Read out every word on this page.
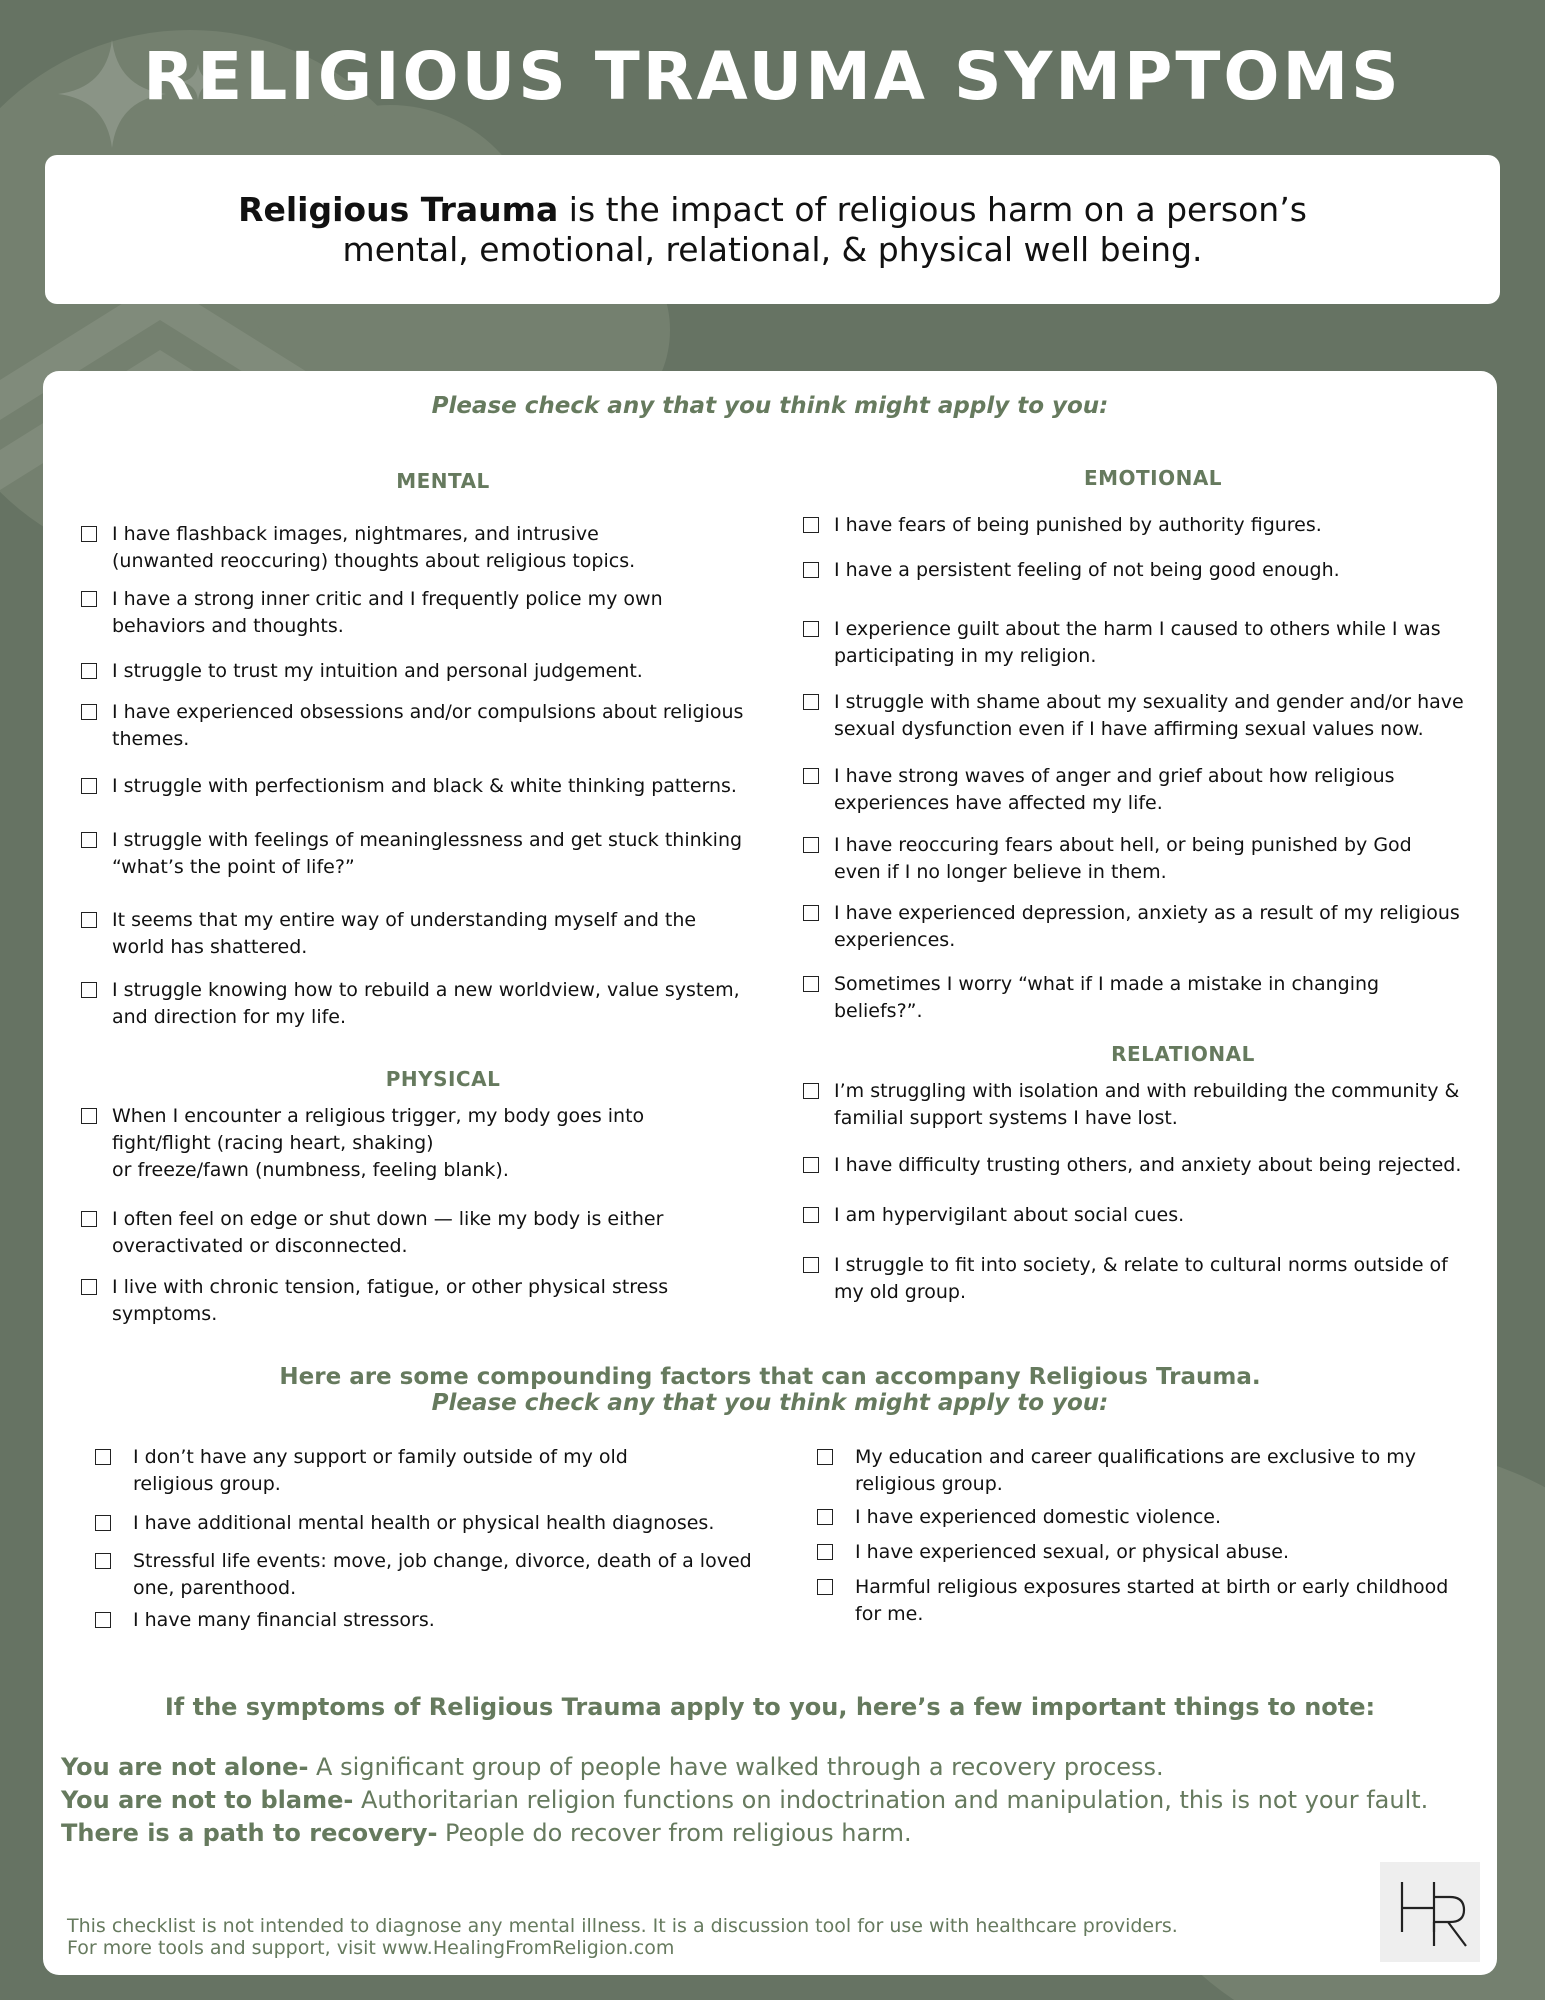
RELIGIOUS TRAUMA SYMPTOMS

Religious Trauma is the impact of religious harm on a person’s

mental, emotional, relational, & physical well being.

Please check any that you think might apply to you:

MENTAL

I have flashback images, nightmares, and intrusive
(unwanted reoccuring) thoughts about religious topics.
I have a strong inner critic and I frequently police my own
behaviors and thoughts.
I struggle to trust my intuition and personal judgement.
I have experienced obsessions and/or compulsions about religious
themes.
I struggle with perfectionism and black & white thinking patterns.
I struggle with feelings of meaninglessness and get stuck thinking
“what’s the point of life?”
It seems that my entire way of understanding myself and the
world has shattered.
I struggle knowing how to rebuild a new worldview, value system,
and direction for my life.

PHYSICAL

When I encounter a religious trigger, my body goes into
fight/flight (racing heart, shaking)
or freeze/fawn (numbness, feeling blank).
I often feel on edge or shut down — like my body is either
overactivated or disconnected.
I live with chronic tension, fatigue, or other physical stress
symptoms.

EMOTIONAL

I have fears of being punished by authority figures.
I have a persistent feeling of not being good enough.
I experience guilt about the harm I caused to others while I was
participating in my religion.
I struggle with shame about my sexuality and gender and/or have
sexual dysfunction even if I have affirming sexual values now.
I have strong waves of anger and grief about how religious
experiences have affected my life.
I have reoccuring fears about hell, or being punished by God
even if I no longer believe in them.
I have experienced depression, anxiety as a result of my religious
experiences.
Sometimes I worry “what if I made a mistake in changing
beliefs?”.

RELATIONAL

I’m struggling with isolation and with rebuilding the community &
familial support systems I have lost.
I have difficulty trusting others, and anxiety about being rejected.
I am hypervigilant about social cues.
I struggle to fit into society, & relate to cultural norms outside of
my old group.
Here are some compounding factors that can accompany Religious Trauma.
Please check any that you think might apply to you:
I don’t have any support or family outside of my old
religious group.
I have additional mental health or physical health diagnoses.
Stressful life events: move, job change, divorce, death of a loved
one, parenthood.
I have many financial stressors.
My education and career qualifications are exclusive to my
religious group.
I have experienced domestic violence.
I have experienced sexual, or physical abuse.
Harmful religious exposures started at birth or early childhood
for me.

If the symptoms of Religious Trauma apply to you, here’s a few important things to note:

You are not alone- A significant group of people have walked through a recovery process.
You are not to blame- Authoritarian religion functions on indoctrination and manipulation, this is not your fault.
There is a path to recovery- People do recover from religious harm.
This checklist is not intended to diagnose any mental illness. It is a discussion tool for use with healthcare providers.
For more tools and support, visit www.HealingFromReligion.com
